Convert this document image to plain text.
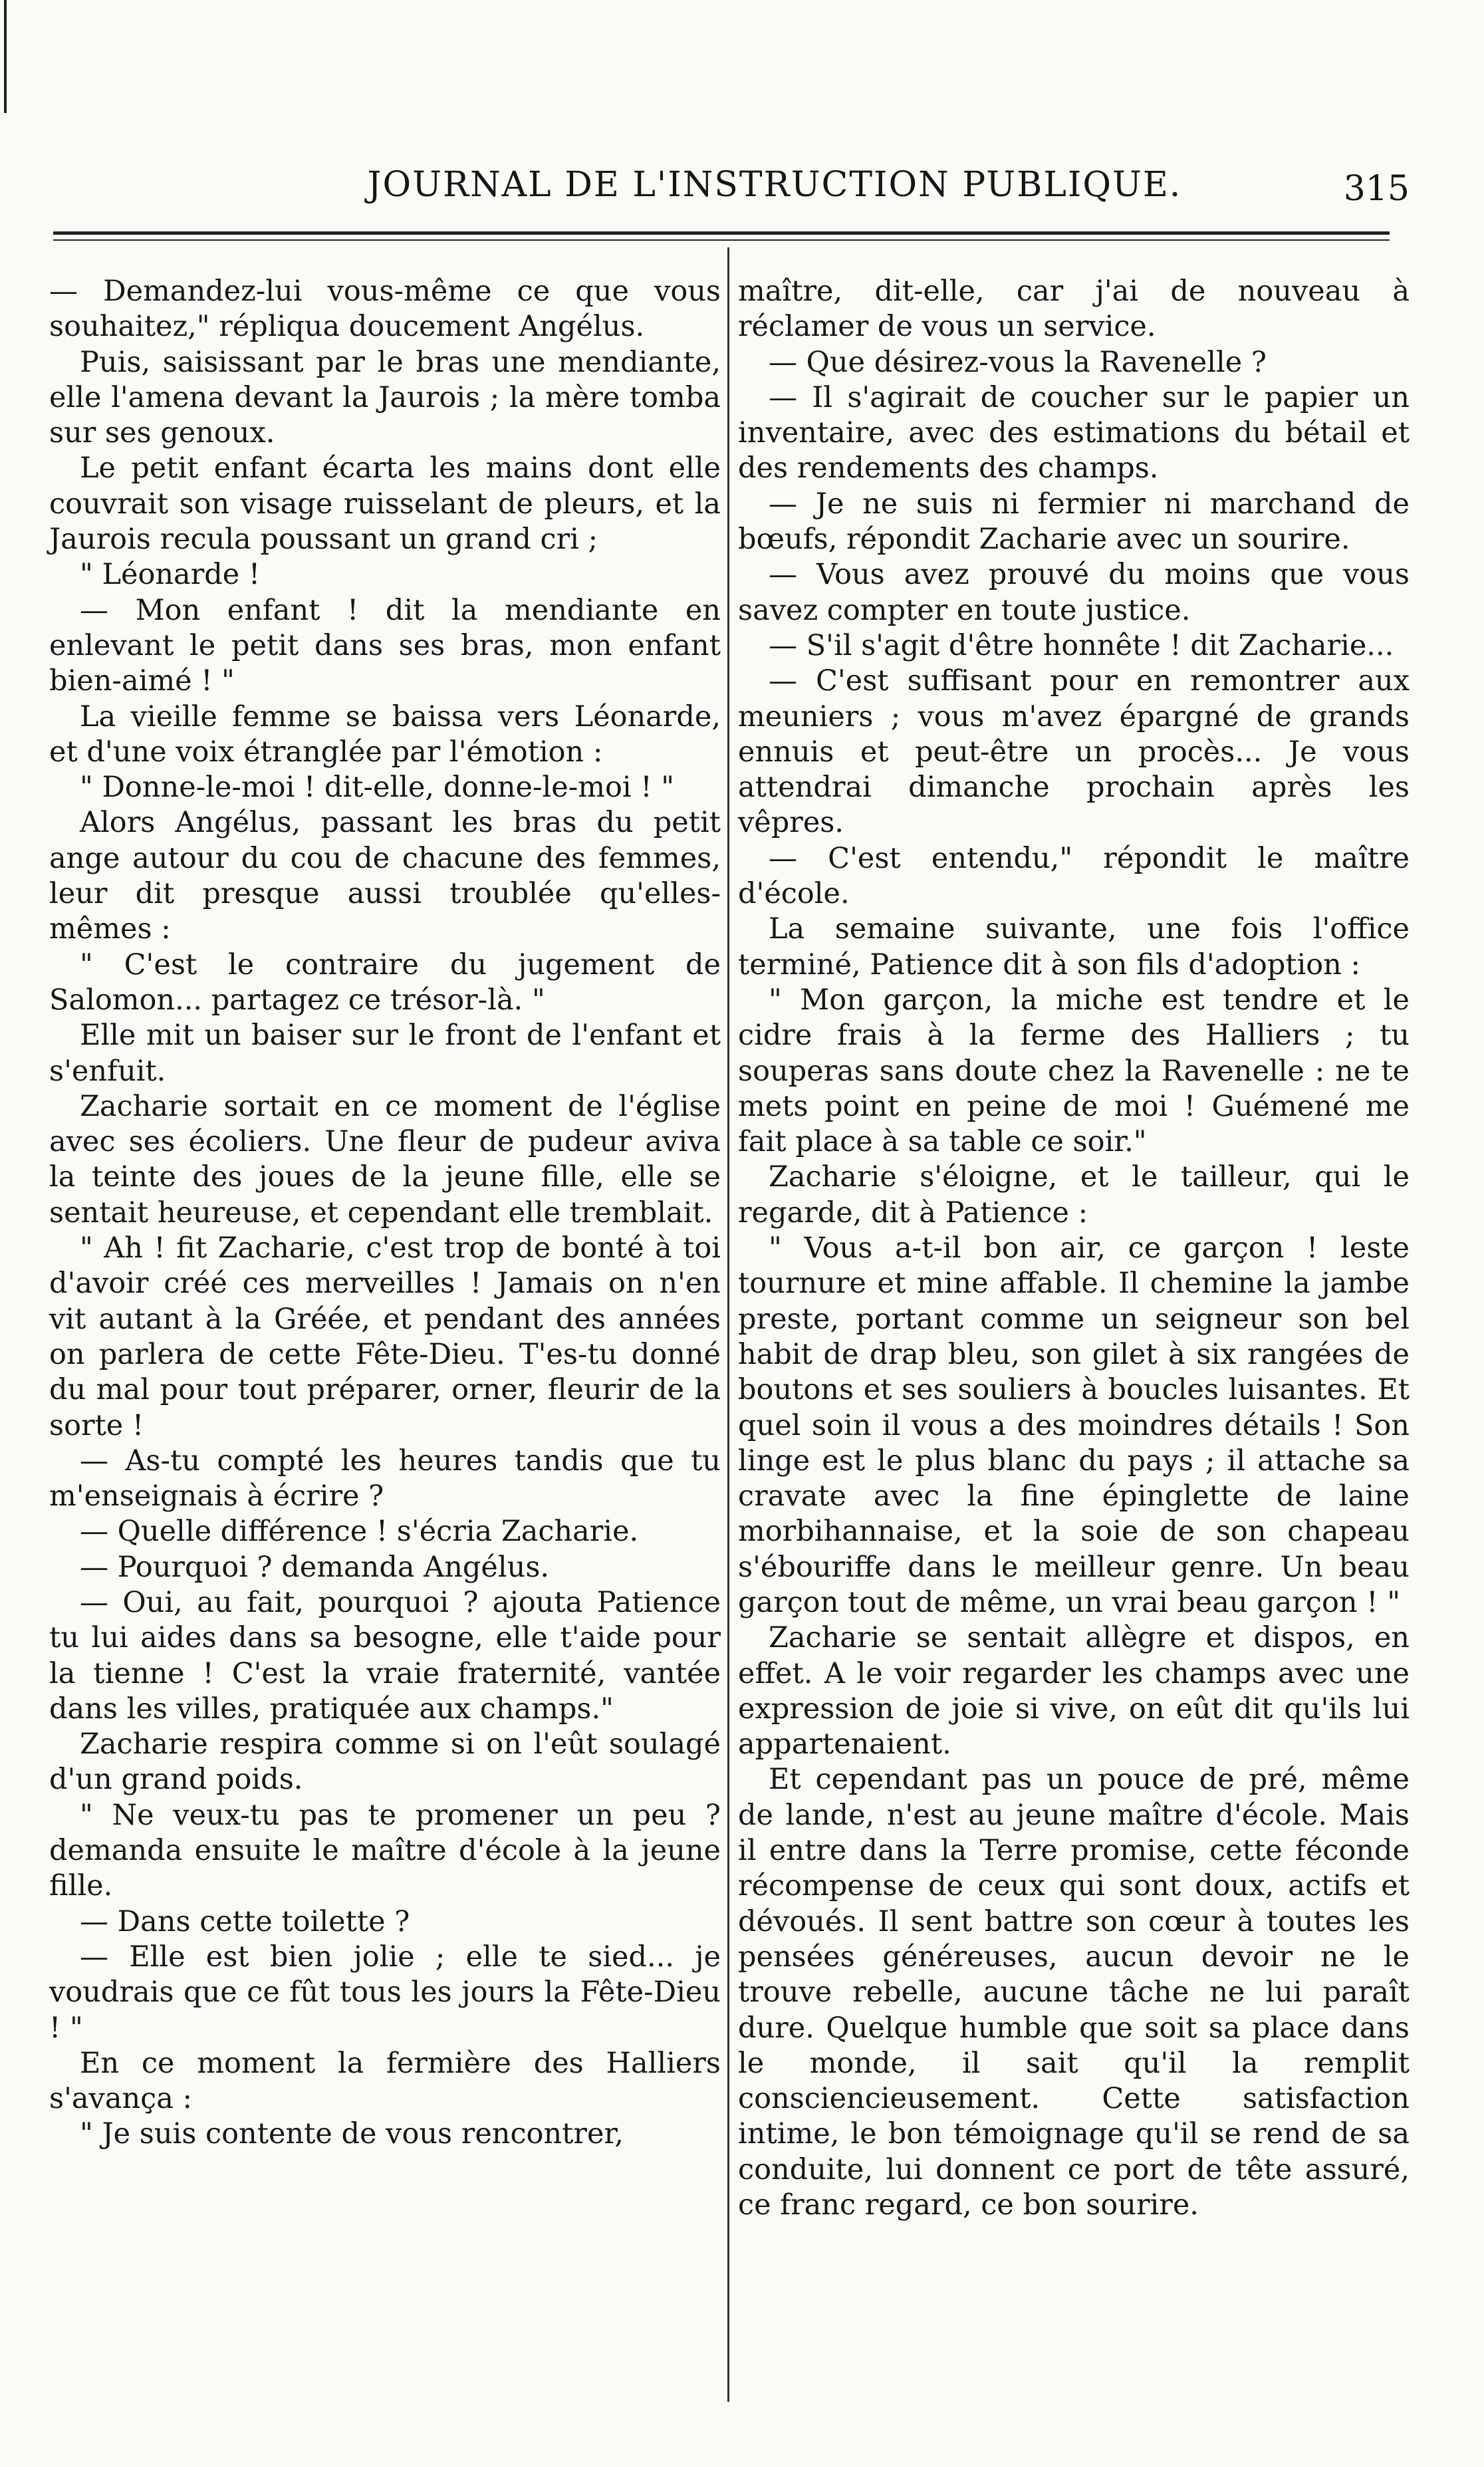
JOURNAL DE L'INSTRUCTION PUBLIQUE.	315

— Demandez-lui vous-même ce que vous souhaitez," répliqua doucement Angélus.

Puis, saisissant par le bras une mendiante, elle l'amena devant la Jaurois ; la mère tomba sur ses genoux.

Le petit enfant écarta les mains dont elle couvrait son visage ruisselant de pleurs, et la Jaurois recula poussant un grand cri ;

" Léonarde !

— Mon enfant ! dit la mendiante en enlevant le petit dans ses bras, mon enfant bien-aimé ! "

La vieille femme se baissa vers Léonarde, et d'une voix étranglée par l'émotion :

" Donne-le-moi ! dit-elle, donne-le-moi ! "

Alors Angélus, passant les bras du petit ange autour du cou de chacune des femmes, leur dit presque aussi troublée qu'elles-mêmes :

" C'est le contraire du jugement de Salomon... partagez ce trésor-là. "

Elle mit un baiser sur le front de l'enfant et s'enfuit.

Zacharie sortait en ce moment de l'église avec ses écoliers. Une fleur de pudeur aviva la teinte des joues de la jeune fille, elle se sentait heureuse, et cependant elle tremblait.

" Ah ! fit Zacharie, c'est trop de bonté à toi d'avoir créé ces merveilles ! Jamais on n'en vit autant à la Gréée, et pendant des années on parlera de cette Fête-Dieu. T'es-tu donné du mal pour tout préparer, orner, fleurir de la sorte !

— As-tu compté les heures tandis que tu m'enseignais à écrire ?

— Quelle différence ! s'écria Zacharie.

— Pourquoi ? demanda Angélus.

— Oui, au fait, pourquoi ? ajouta Patience tu lui aides dans sa besogne, elle t'aide pour la tienne ! C'est la vraie fraternité, vantée dans les villes, pratiquée aux champs."

Zacharie respira comme si on l'eût soulagé d'un grand poids.

" Ne veux-tu pas te promener un peu ? demanda ensuite le maître d'école à la jeune fille.

— Dans cette toilette ?

— Elle est bien jolie ; elle te sied... je voudrais que ce fût tous les jours la Fête-Dieu ! "

En ce moment la fermière des Halliers s'avança :

" Je suis contente de vous rencontrer,

maître, dit-elle, car j'ai de nouveau à réclamer de vous un service.

— Que désirez-vous la Ravenelle ?

— Il s'agirait de coucher sur le papier un inventaire, avec des estimations du bétail et des rendements des champs.

— Je ne suis ni fermier ni marchand de bœufs, répondit Zacharie avec un sourire.

— Vous avez prouvé du moins que vous savez compter en toute justice.

— S'il s'agit d'être honnête ! dit Zacharie...

— C'est suffisant pour en remontrer aux meuniers ; vous m'avez épargné de grands ennuis et peut-être un procès... Je vous attendrai dimanche prochain après les vêpres.

— C'est entendu," répondit le maître d'école.

La semaine suivante, une fois l'office terminé, Patience dit à son fils d'adoption :

" Mon garçon, la miche est tendre et le cidre frais à la ferme des Halliers ; tu souperas sans doute chez la Ravenelle : ne te mets point en peine de moi ! Guémené me fait place à sa table ce soir."

Zacharie s'éloigne, et le tailleur, qui le regarde, dit à Patience :

" Vous a-t-il bon air, ce garçon ! leste tournure et mine affable. Il chemine la jambe preste, portant comme un seigneur son bel habit de drap bleu, son gilet à six rangées de boutons et ses souliers à boucles luisantes. Et quel soin il vous a des moindres détails ! Son linge est le plus blanc du pays ; il attache sa cravate avec la fine épinglette de laine morbihannaise, et la soie de son chapeau s'ébouriffe dans le meilleur genre. Un beau garçon tout de même, un vrai beau garçon ! "

Zacharie se sentait allègre et dispos, en effet. A le voir regarder les champs avec une expression de joie si vive, on eût dit qu'ils lui appartenaient.

Et cependant pas un pouce de pré, même de lande, n'est au jeune maître d'école. Mais il entre dans la Terre promise, cette féconde récompense de ceux qui sont doux, actifs et dévoués. Il sent battre son cœur à toutes les pensées généreuses, aucun devoir ne le trouve rebelle, aucune tâche ne lui paraît dure. Quelque humble que soit sa place dans le monde, il sait qu'il la remplit consciencieusement. Cette satisfaction intime, le bon témoignage qu'il se rend de sa conduite, lui donnent ce port de tête assuré, ce franc regard, ce bon sourire.
